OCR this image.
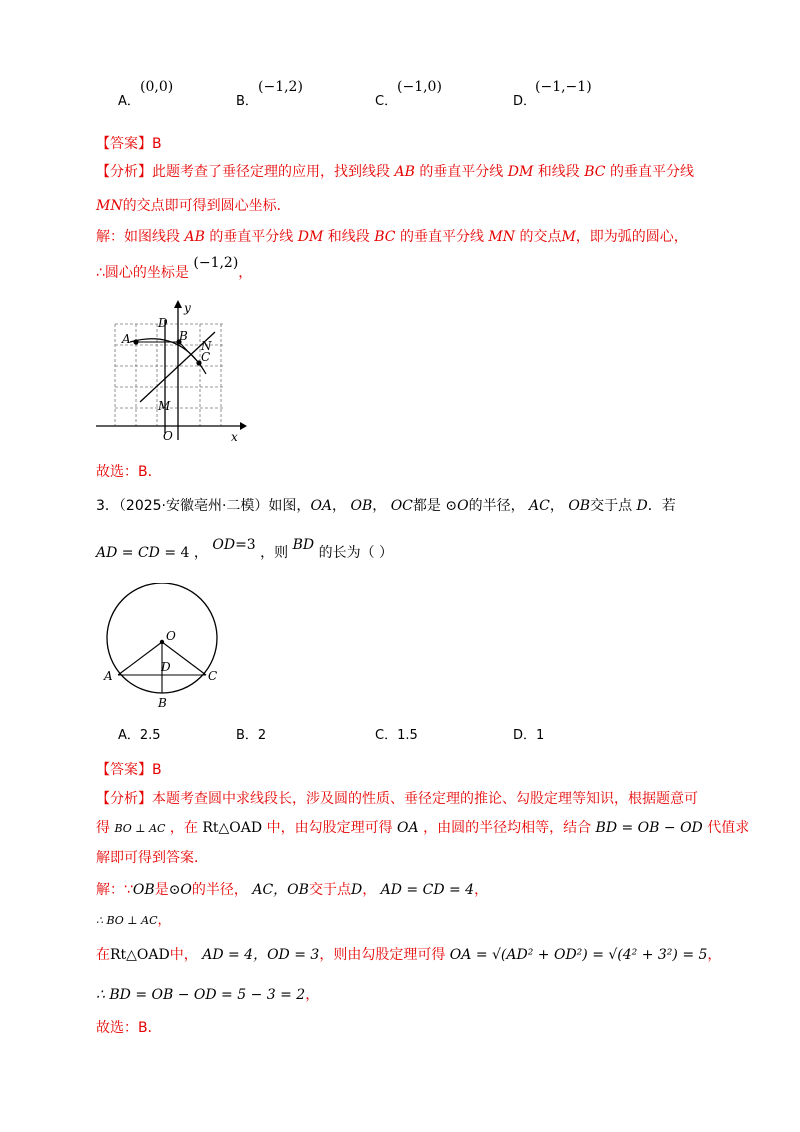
A．
(0,0)
B．
(−1,2)
C．
(−1,0)
D．
(−1,−1)
【答案】B
【分析】此题考查了垂径定理的应用，找到线段 AB 的垂直平分线 DM 和线段 BC 的垂直平分线
MN的交点即可得到圆心坐标．
解：如图线段 AB 的垂直平分线 DM 和线段 BC 的垂直平分线 MN 的交点M，即为弧的圆心，
∴圆心的坐标是 (−1,2)，
A	B
C
D
N
M
O	x
y
故选：B．
3．（2025·安徽亳州·二模）如图，OA， OB， OC都是 ⊙O的半径， AC， OB交于点 D．若
AD = CD = 4 ， OD=3 ，则 BD 的长为（ ）
O
D
A	C
B
A．2.5	B．2	C．1.5	D．1
【答案】B
【分析】本题考查圆中求线段长，涉及圆的性质、垂径定理的推论、勾股定理等知识，根据题意可
得 BO ⊥ AC ，在 Rt△OAD 中，由勾股定理可得 OA ，由圆的半径均相等，结合 BD = OB − OD 代值求
解即可得到答案．
解：∵OB是⊙O的半径， AC，OB交于点D， AD = CD = 4，
∴ BO ⊥ AC，
在Rt△OAD中， AD = 4，OD = 3，则由勾股定理可得 OA = √(AD² + OD²) = √(4² + 3²) = 5，
∴ BD = OB − OD = 5 − 3 = 2，
故选：B．
